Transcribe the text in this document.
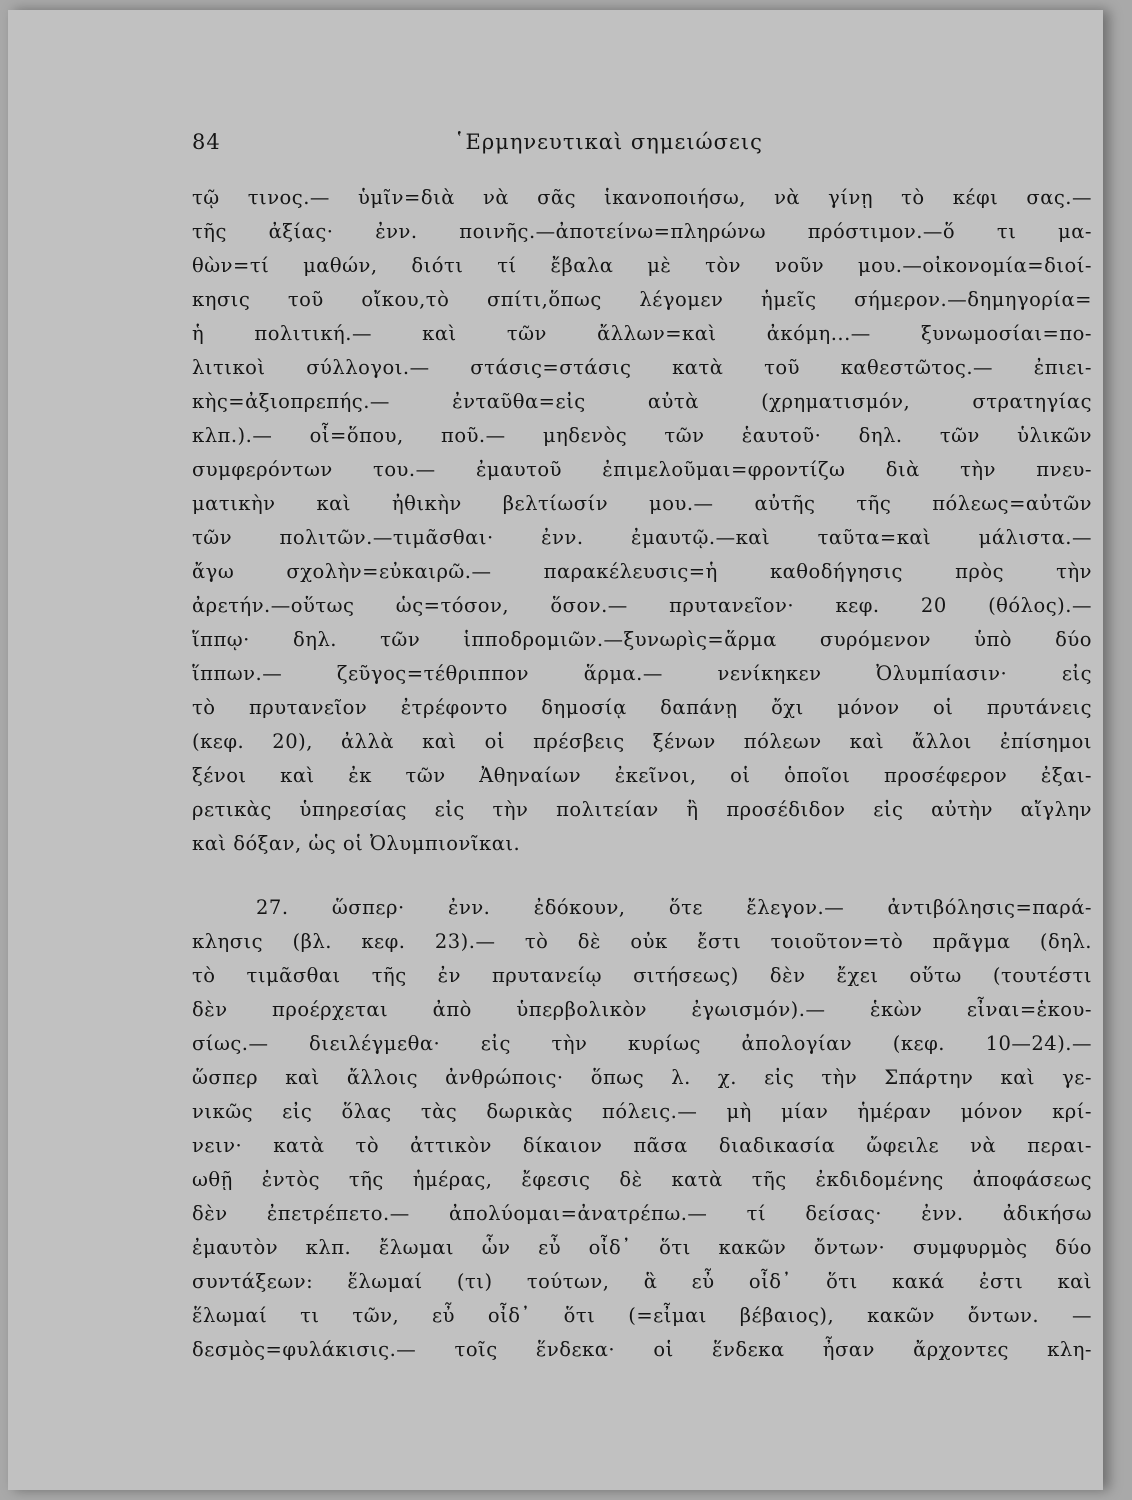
84	῾Ερμηνευτικαὶ σημειώσεις
τῷ τινος.— ὑμῖν=διὰ νὰ σᾶς ἱκανοποιήσω, νὰ γίνῃ τὸ κέφι σας.—
τῆς ἀξίας· ἐνν. ποινῆς.—ἀποτείνω=πληρώνω πρόστιμον.—ὅ τι μα-
θὼν=τί μαθών, διότι τί ἔβαλα μὲ τὸν νοῦν μου.—οἰκονομία=διοί-
κησις τοῦ οἴκου,τὸ σπίτι,ὅπως λέγομεν ἡμεῖς σήμερον.—δημηγορία=
ἡ πολιτική.— καὶ τῶν ἄλλων=καὶ ἀκόμη...— ξυνωμοσίαι=πο-
λιτικοὶ σύλλογοι.— στάσις=στάσις κατὰ τοῦ καθεστῶτος.— ἐπιει-
κὴς=ἀξιοπρεπής.— ἐνταῦθα=εἰς αὐτὰ (χρηματισμόν, στρατηγίας
κλπ.).— οἷ=ὅπου, ποῦ.— μηδενὸς τῶν ἑαυτοῦ· δηλ. τῶν ὑλικῶν
συμφερόντων του.— ἐμαυτοῦ ἐπιμελοῦμαι=φροντίζω διὰ τὴν πνευ-
ματικὴν καὶ ἠθικὴν βελτίωσίν μου.— αὐτῆς τῆς πόλεως=αὐτῶν
τῶν πολιτῶν.—τιμᾶσθαι· ἐνν. ἐμαυτῷ.—καὶ ταῦτα=καὶ μάλιστα.—
ἄγω σχολὴν=εὐκαιρῶ.— παρακέλευσις=ἡ καθοδήγησις πρὸς τὴν
ἀρετήν.—οὕτως ὡς=τόσον, ὅσον.— πρυτανεῖον· κεφ. 20 (θόλος).—
ἵππῳ· δηλ. τῶν ἱπποδρομιῶν.—ξυνωρὶς=ἅρμα συρόμενον ὑπὸ δύο
ἵππων.— ζεῦγος=τέθριππον ἅρμα.— νενίκηκεν Ὀλυμπίασιν· εἰς
τὸ πρυτανεῖον ἐτρέφοντο δημοσίᾳ δαπάνῃ ὄχι μόνον οἱ πρυτάνεις
(κεφ. 20), ἀλλὰ καὶ οἱ πρέσβεις ξένων πόλεων καὶ ἄλλοι ἐπίσημοι
ξένοι καὶ ἐκ τῶν Ἀθηναίων ἐκεῖνοι, οἱ ὁποῖοι προσέφερον ἐξαι-
ρετικὰς ὑπηρεσίας εἰς τὴν πολιτείαν ἢ προσέδιδον εἰς αὐτὴν αἴγλην
καὶ δόξαν, ὡς οἱ Ὀλυμπιονῖκαι.
27. ὥσπερ· ἐνν. ἐδόκουν, ὅτε ἔλεγον.— ἀντιβόλησις=παρά-
κλησις (βλ. κεφ. 23).— τὸ δὲ οὐκ ἔστι τοιοῦτον=τὸ πρᾶγμα (δηλ.
τὸ τιμᾶσθαι τῆς ἐν πρυτανείῳ σιτήσεως) δὲν ἔχει οὕτω (τουτέστι
δὲν προέρχεται ἀπὸ ὑπερβολικὸν ἐγωισμόν).— ἑκὼν εἶναι=ἑκου-
σίως.— διειλέγμεθα· εἰς τὴν κυρίως ἀπολογίαν (κεφ. 10—24).—
ὥσπερ καὶ ἄλλοις ἀνθρώποις· ὅπως λ. χ. εἰς τὴν Σπάρτην καὶ γε-
νικῶς εἰς ὅλας τὰς δωρικὰς πόλεις.— μὴ μίαν ἡμέραν μόνον κρί-
νειν· κατὰ τὸ ἀττικὸν δίκαιον πᾶσα διαδικασία ὤφειλε νὰ περαι-
ωθῇ ἐντὸς τῆς ἡμέρας, ἔφεσις δὲ κατὰ τῆς ἐκδιδομένης ἀποφάσεως
δὲν ἐπετρέπετο.— ἀπολύομαι=ἀνατρέπω.— τί δείσας· ἐνν. ἀδικήσω
ἐμαυτὸν κλπ. ἔλωμαι ὧν εὖ οἶδ᾽ ὅτι κακῶν ὄντων· συμφυρμὸς δύο
συντάξεων: ἕλωμαί (τι) τούτων, ἃ εὖ οἶδ᾽ ὅτι κακά ἐστι καὶ
ἕλωμαί τι τῶν, εὖ οἶδ᾽ ὅτι (=εἶμαι βέβαιος), κακῶν ὄντων. —
δεσμὸς=φυλάκισις.— τοῖς ἕνδεκα· οἱ ἕνδεκα ἦσαν ἄρχοντες κλη-
